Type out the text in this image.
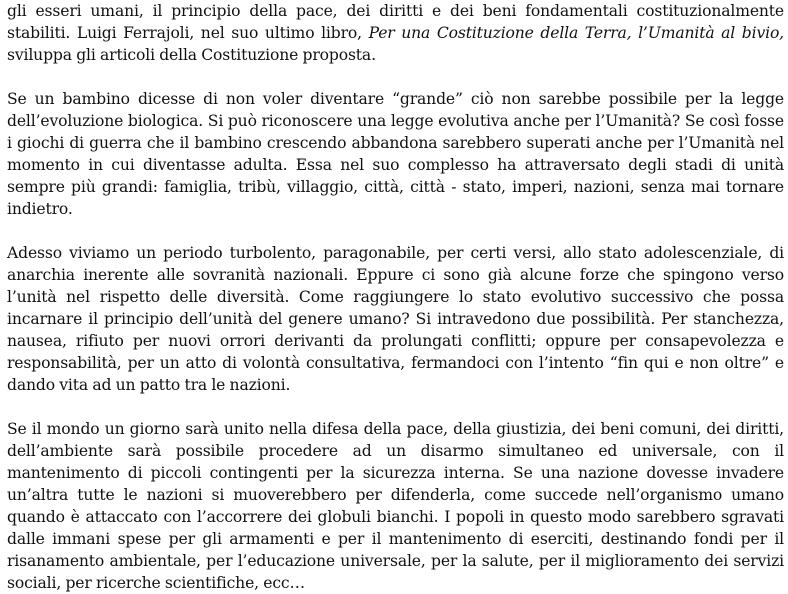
gli esseri umani, il principio della pace, dei diritti e dei beni fondamentali costituzionalmente stabiliti. Luigi Ferrajoli, nel suo ultimo libro, Per una Costituzione della Terra, l’Umanità al bivio, sviluppa gli articoli della Costituzione proposta.

Se un bambino dicesse di non voler diventare “grande” ciò non sarebbe possibile per la legge dell’evoluzione biologica. Si può riconoscere una legge evolutiva anche per l’Umanità? Se così fosse i giochi di guerra che il bambino crescendo abbandona sarebbero superati anche per l’Umanità nel momento in cui diventasse adulta. Essa nel suo complesso ha attraversato degli stadi di unità sempre più grandi: famiglia, tribù, villaggio, città, città - stato, imperi, nazioni, senza mai tornare indietro.

Adesso viviamo un periodo turbolento, paragonabile, per certi versi, allo stato adolescenziale, di anarchia inerente alle sovranità nazionali. Eppure ci sono già alcune forze che spingono verso l’unità nel rispetto delle diversità. Come raggiungere lo stato evolutivo successivo che possa incarnare il principio dell’unità del genere umano? Si intravedono due possibilità. Per stanchezza, nausea, rifiuto per nuovi orrori derivanti da prolungati conflitti; oppure per consapevolezza e responsabilità, per un atto di volontà consultativa, fermandoci con l’intento “fin qui e non oltre” e dando vita ad un patto tra le nazioni.

Se il mondo un giorno sarà unito nella difesa della pace, della giustizia, dei beni comuni, dei diritti, dell’ambiente sarà possibile procedere ad un disarmo simultaneo ed universale, con il mantenimento di piccoli contingenti per la sicurezza interna. Se una nazione dovesse invadere un’altra tutte le nazioni si muoverebbero per difenderla, come succede nell’organismo umano quando è attaccato con l’accorrere dei globuli bianchi. I popoli in questo modo sarebbero sgravati dalle immani spese per gli armamenti e per il mantenimento di eserciti, destinando fondi per il risanamento ambientale, per l’educazione universale, per la salute, per il miglioramento dei servizi sociali, per ricerche scientifiche, ecc…
